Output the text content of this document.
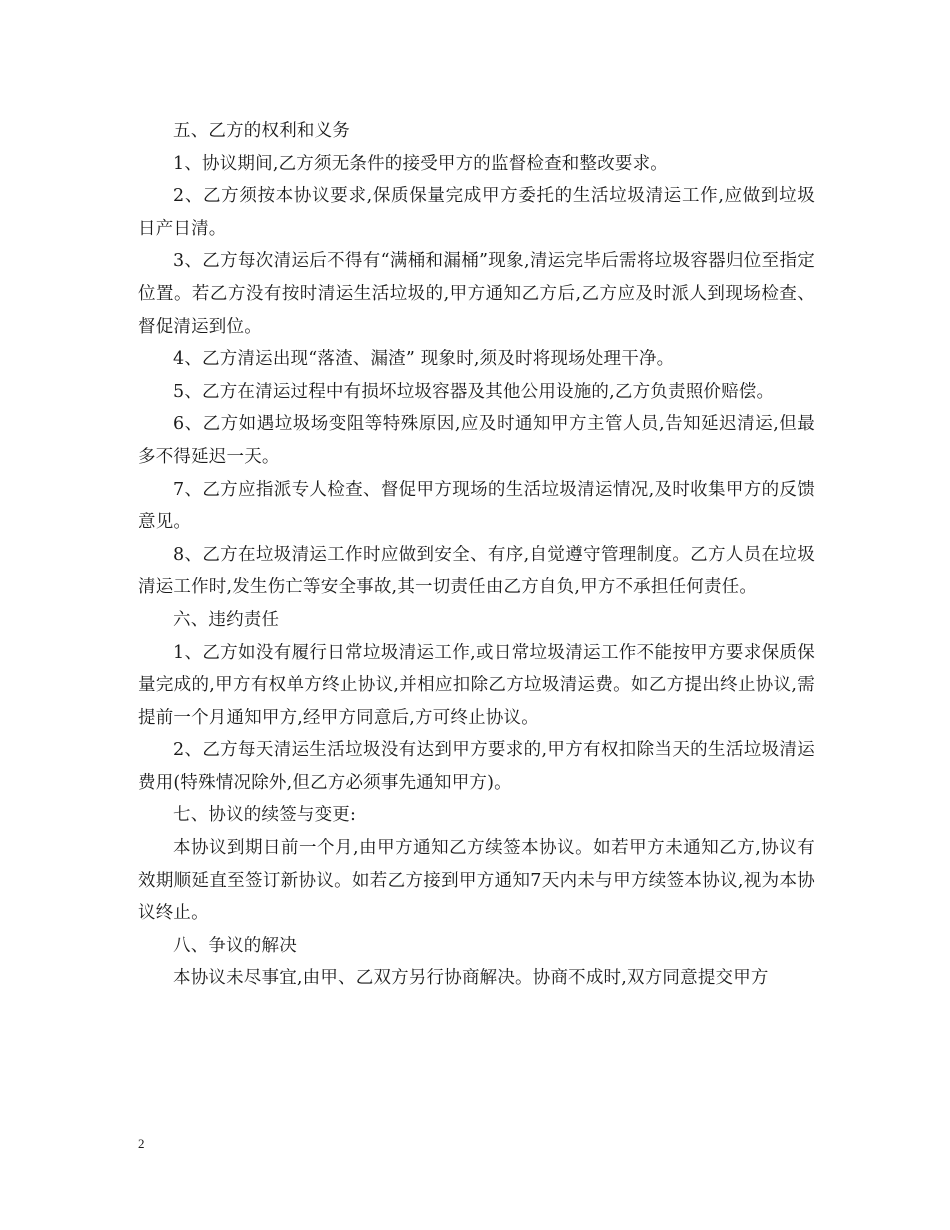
五、乙方的权利和义务

1、协议期间,乙方须无条件的接受甲方的监督检查和整改要求。

2、乙方须按本协议要求,保质保量完成甲方委托的生活垃圾清运工作,应做到垃圾日产日清。

3、乙方每次清运后不得有“满桶和漏桶”现象,清运完毕后需将垃圾容器归位至指定位置。若乙方没有按时清运生活垃圾的,甲方通知乙方后,乙方应及时派人到现场检查、督促清运到位。

4、乙方清运出现“落渣、漏渣” 现象时,须及时将现场处理干净。

5、乙方在清运过程中有损坏垃圾容器及其他公用设施的,乙方负责照价赔偿。

6、乙方如遇垃圾场变阻等特殊原因,应及时通知甲方主管人员,告知延迟清运,但最多不得延迟一天。

7、乙方应指派专人检查、督促甲方现场的生活垃圾清运情况,及时收集甲方的反馈意见。

8、乙方在垃圾清运工作时应做到安全、有序,自觉遵守管理制度。乙方人员在垃圾清运工作时,发生伤亡等安全事故,其一切责任由乙方自负,甲方不承担任何责任。

六、违约责任

1、乙方如没有履行日常垃圾清运工作,或日常垃圾清运工作不能按甲方要求保质保量完成的,甲方有权单方终止协议,并相应扣除乙方垃圾清运费。如乙方提出终止协议,需提前一个月通知甲方,经甲方同意后,方可终止协议。

2、乙方每天清运生活垃圾没有达到甲方要求的,甲方有权扣除当天的生活垃圾清运费用(特殊情况除外,但乙方必须事先通知甲方)。

七、协议的续签与变更:

本协议到期日前一个月,由甲方通知乙方续签本协议。如若甲方未通知乙方,协议有效期顺延直至签订新协议。如若乙方接到甲方通知7天内未与甲方续签本协议,视为本协议终止。

八、争议的解决

本协议未尽事宜,由甲、乙双方另行协商解决。协商不成时,双方同意提交甲方

2
